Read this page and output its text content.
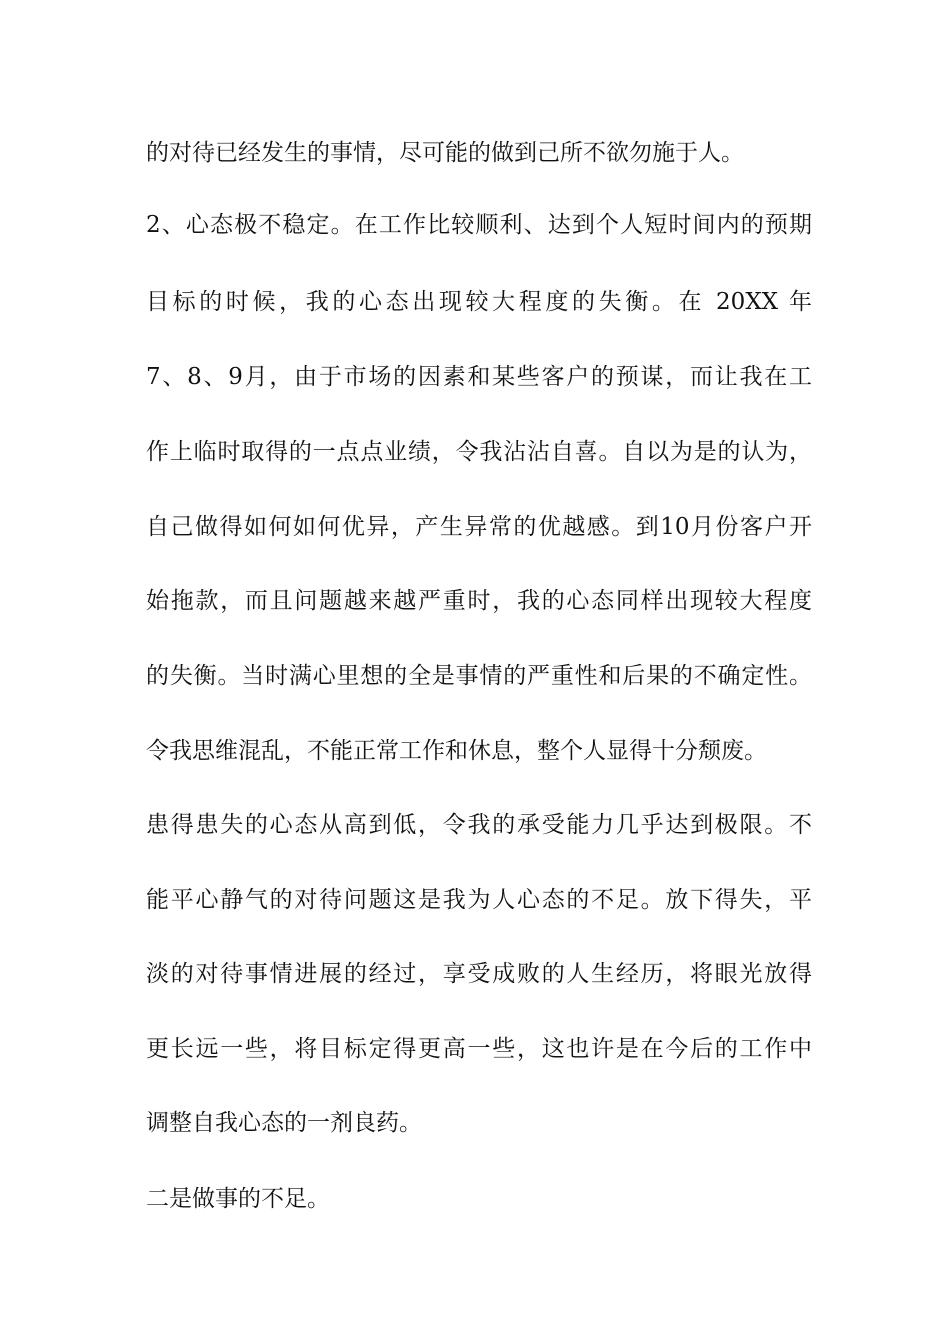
的对待已经发生的事情，尽可能的做到己所不欲勿施于人。

2、心态极不稳定。在工作比较顺利、达到个人短时间内的预期

目标的时候，我的心态出现较大程度的失衡。在 20XX 年

7、8、9月，由于市场的因素和某些客户的预谋，而让我在工

作上临时取得的一点点业绩，令我沾沾自喜。自以为是的认为，

自己做得如何如何优异，产生异常的优越感。到10月份客户开

始拖款，而且问题越来越严重时，我的心态同样出现较大程度

的失衡。当时满心里想的全是事情的严重性和后果的不确定性。

令我思维混乱，不能正常工作和休息，整个人显得十分颓废。

患得患失的心态从高到低，令我的承受能力几乎达到极限。不

能平心静气的对待问题这是我为人心态的不足。放下得失，平

淡的对待事情进展的经过，享受成败的人生经历，将眼光放得

更长远一些，将目标定得更高一些，这也许是在今后的工作中

调整自我心态的一剂良药。

二是做事的不足。
